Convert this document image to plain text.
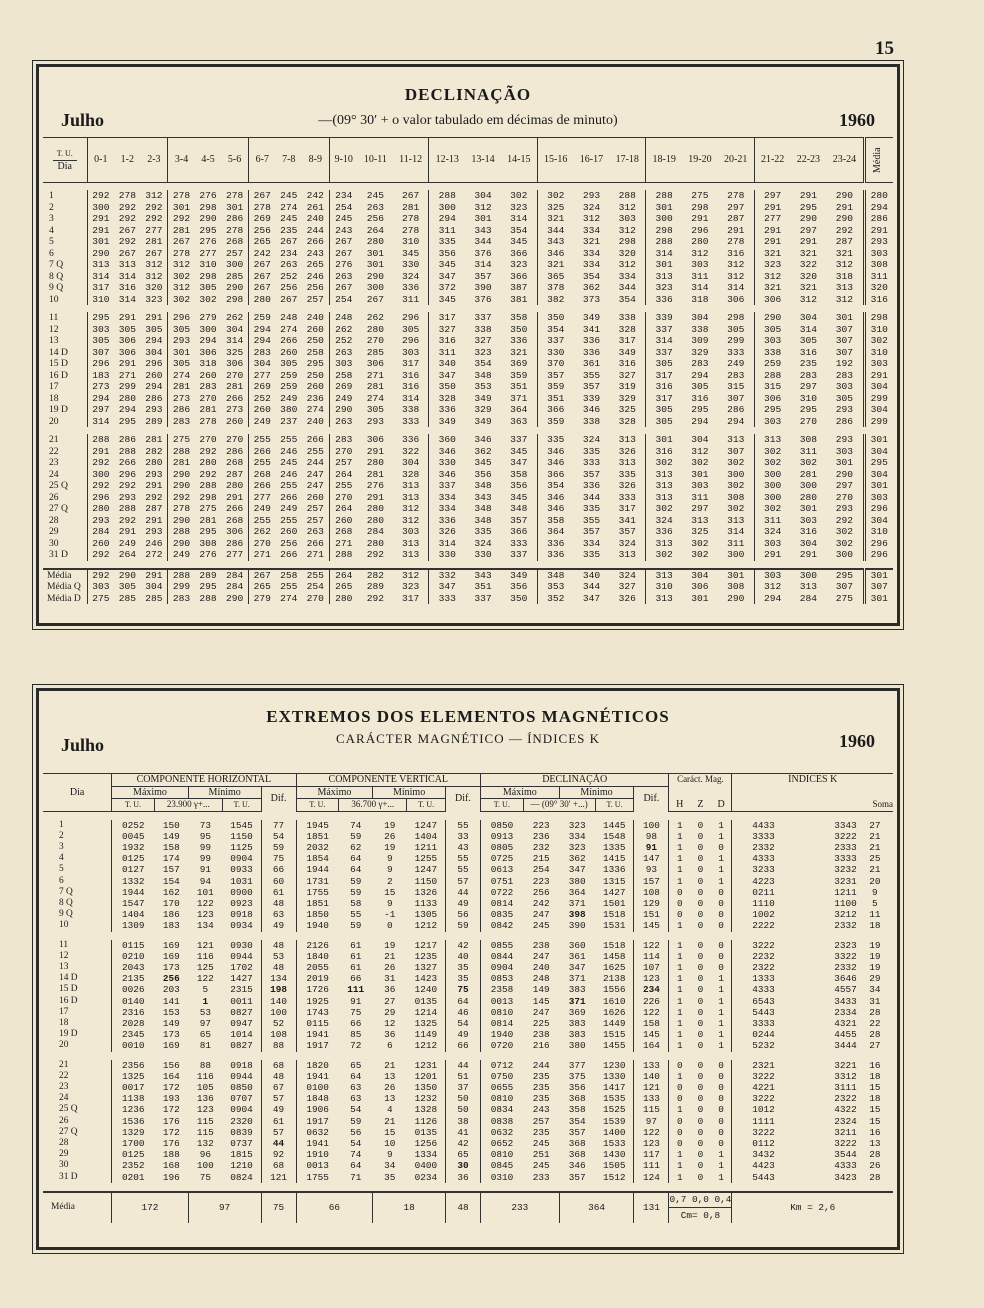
15
DECLINAÇÃO
Julho	—(09° 30′ + o valor tabulado em décimas de minuto)	1960
T. U.
Dia	0-1	1-2	2-3	3-4	4-5	5-6	6-7	7-8	8-9	9-10	10-11	11-12	12-13	13-14	14-15	15-16	16-17	17-18	18-19	19-20	20-21	21-22	22-23	23-24	Média

1	292	278	312	278	276	278	267	245	242	234	245	267	288	304	302	302	293	288	288	275	278	297	291	290	280
2	300	292	292	301	298	301	278	274	261	254	263	281	300	312	323	325	324	312	301	298	297	291	295	291	294
3	291	292	292	292	290	286	269	245	240	245	256	278	294	301	314	321	312	303	300	291	287	277	290	290	286
4	291	267	277	281	295	278	256	235	244	243	264	278	311	343	354	344	334	312	298	296	291	291	297	292	291
5	301	292	281	267	276	268	265	267	266	267	280	310	335	344	345	343	321	298	288	280	278	291	291	287	293
6	290	267	267	278	277	257	242	234	243	267	301	345	356	376	366	346	334	320	314	312	316	321	321	321	303
7 Q	313	313	312	312	310	300	267	263	265	276	301	330	345	314	323	321	334	312	301	303	312	323	322	312	308
8 Q	314	314	312	302	298	285	267	252	246	263	290	324	347	357	366	365	354	334	313	311	312	312	320	318	311
9 Q	317	316	320	312	305	290	267	256	256	267	300	336	372	390	387	378	362	344	323	314	314	321	321	313	320
10	310	314	323	302	302	298	280	267	257	254	267	311	345	376	381	382	373	354	336	318	306	306	312	312	316

11	295	291	291	296	279	262	259	248	240	248	262	296	317	337	358	350	349	338	339	304	298	290	304	301	298
12	303	305	305	305	300	304	294	274	260	262	280	305	327	338	350	354	341	328	337	338	305	305	314	307	310
13	305	306	294	293	294	314	294	266	250	252	270	296	316	327	336	337	336	317	314	309	299	303	305	307	302
14 D	307	306	304	301	306	325	283	260	258	263	285	303	311	323	321	330	336	349	337	329	333	338	316	307	310
15 D	296	291	296	305	318	306	304	305	295	303	306	317	340	354	369	370	361	316	305	283	249	259	235	192	303
16 D	183	271	260	274	260	270	277	259	250	258	271	316	347	348	359	357	355	327	317	294	283	288	283	283	291
17	273	299	294	281	283	281	269	259	260	269	281	316	350	353	351	359	357	319	316	305	315	315	297	303	304
18	294	280	286	273	270	266	252	249	236	249	274	314	328	349	371	351	339	329	317	316	307	306	310	305	299
19 D	297	294	293	286	281	273	260	380	274	290	305	338	336	329	364	366	346	325	305	295	286	295	295	293	304
20	314	295	289	283	278	260	249	237	240	263	293	333	349	349	363	359	338	328	305	294	294	303	270	286	299

21	288	286	281	275	270	270	255	255	266	283	306	336	360	346	337	335	324	313	301	304	313	313	308	293	301
22	291	288	282	288	292	286	266	246	255	270	291	322	346	362	345	346	335	326	316	312	307	302	311	303	304
23	292	266	280	281	280	268	255	245	244	257	280	304	330	345	347	346	333	313	302	302	302	302	302	301	295
24	300	296	293	290	292	287	268	246	247	264	281	328	346	356	358	366	357	335	313	301	300	300	281	290	304
25 Q	292	292	291	290	288	280	266	255	247	255	276	313	337	348	356	354	336	326	313	303	302	300	300	297	301
26	296	293	292	292	298	291	277	266	260	270	291	313	334	343	345	346	344	333	313	311	308	300	280	270	303
27 Q	280	288	287	278	275	266	249	249	257	264	280	312	334	348	348	346	335	317	302	297	302	302	301	293	296
28	293	292	291	290	281	268	255	255	257	260	280	312	336	348	357	358	355	341	324	313	313	311	303	292	304
29	284	291	293	288	295	306	262	260	263	268	284	303	326	335	366	364	357	357	336	325	314	324	316	302	310
30	260	249	246	290	308	286	270	256	266	271	280	313	314	324	333	336	334	324	313	302	311	303	304	302	296
31 D	292	264	272	249	276	277	271	266	271	288	292	313	330	330	337	336	335	313	302	302	300	291	291	300	296

Média	292	290	291	288	289	284	267	258	255	264	282	312	332	343	349	348	340	324	313	304	301	303	300	295	301
Média Q	303	305	304	299	295	284	265	255	254	265	289	323	347	351	356	353	344	327	310	306	308	312	313	307	307
Média D	275	285	285	283	288	290	279	274	270	280	292	317	333	337	350	352	347	326	313	301	290	294	284	275	301
EXTREMOS DOS ELEMENTOS MAGNÉTICOS
CARÁCTER MAGNÉTICO — ÍNDICES K
Julho	1960
Dia	COMPONENTE HORIZONTAL					COMPONENTE VERTICAL					DECLINAÇÃO					Caráct. Mag.			ÍNDICES K		
	Máximo		Mínimo		Dif.	Máximo		Mínimo		Dif.	Máximo		Mínimo		Dif.						
	T. U.	23.900 γ+...		T. U.		T. U.	36.700 γ+...		T. U.		T. U.	— (09° 30′ +...)		T. U.		H	Z	D			Soma

1	0252	150	73	1545	77	1945	74	19	1247	55	0850	223	323	1445	100	1	0	1	4433	3343	27
2	0045	149	95	1150	54	1851	59	26	1404	33	0913	236	334	1548	98	1	0	1	3333	3222	21
3	1932	158	99	1125	59	2032	62	19	1211	43	0805	232	323	1335	91	1	0	0	2332	2333	21
4	0125	174	99	0904	75	1854	64	9	1255	55	0725	215	362	1415	147	1	0	1	4333	3333	25
5	0127	157	91	0933	66	1944	64	9	1247	55	0613	254	347	1336	93	1	0	1	3233	3232	21
6	1332	154	94	1031	60	1731	59	2	1150	57	0751	223	380	1315	157	1	0	1	4223	3231	20
7 Q	1944	162	101	0900	61	1755	59	15	1326	44	0722	256	364	1427	108	0	0	0	0211	1211	9
8 Q	1547	170	122	0923	48	1851	58	9	1133	49	0814	242	371	1501	129	0	0	0	1110	1100	5
9 Q	1404	186	123	0918	63	1850	55	-1	1305	56	0835	247	398	1518	151	0	0	0	1002	3212	11
10	1309	183	134	0934	49	1940	59	0	1212	59	0842	245	390	1531	145	1	0	0	2222	2332	18

11	0115	169	121	0930	48	2126	61	19	1217	42	0855	238	360	1518	122	1	0	0	3222	2323	19
12	0210	169	116	0944	53	1840	61	21	1235	40	0844	247	361	1458	114	1	0	0	2232	3322	19
13	2043	173	125	1702	48	2055	61	26	1327	35	0904	240	347	1625	107	1	0	0	2322	2332	19
14 D	2135	256	122	1427	134	2019	66	31	1423	35	0853	248	371	2138	123	1	0	1	1333	3646	29
15 D	0026	203	5	2315	198	1726	111	36	1240	75	2358	149	383	1556	234	1	0	1	4333	4557	34
16 D	0140	141	1	0011	140	1925	91	27	0135	64	0013	145	371	1610	226	1	0	1	6543	3433	31
17	2316	153	53	0827	100	1743	75	29	1214	46	0810	247	369	1626	122	1	0	1	5443	2334	28
18	2028	149	97	0947	52	0115	66	12	1325	54	0814	225	383	1449	158	1	0	1	3333	4321	22
19 D	2345	173	65	1014	108	1941	85	36	1149	49	1940	238	383	1515	145	1	0	1	0244	4455	28
20	0010	169	81	0827	88	1917	72	6	1212	66	0720	216	380	1455	164	1	0	1	5232	3444	27

21	2356	156	88	0918	68	1820	65	21	1231	44	0712	244	377	1230	133	0	0	0	2321	3221	16
22	1325	164	116	0944	48	1941	64	13	1201	51	0750	235	375	1330	140	1	0	0	3222	3312	18
23	0017	172	105	0850	67	0100	63	26	1350	37	0655	235	356	1417	121	0	0	0	4221	3111	15
24	1138	193	136	0707	57	1848	63	13	1232	50	0810	235	368	1535	133	0	0	0	3222	2322	18
25 Q	1236	172	123	0904	49	1906	54	4	1328	50	0834	243	358	1525	115	1	0	0	1012	4322	15
26	1536	176	115	2320	61	1917	59	21	1126	38	0838	257	354	1539	97	0	0	0	1111	2324	15
27 Q	1329	172	115	0839	57	0632	56	15	0135	41	0632	235	357	1400	122	0	0	0	3222	3211	16
28	1700	176	132	0737	44	1941	54	10	1256	42	0652	245	368	1533	123	0	0	0	0112	3222	13
29	0125	188	96	1815	92	1910	74	9	1334	65	0810	251	368	1430	117	1	0	1	3432	3544	28
30	2352	168	100	1210	68	0013	64	34	0400	30	0845	245	346	1505	111	1	0	1	4423	4333	26
31 D	0201	196	75	0824	121	1755	71	35	0234	36	0310	233	357	1512	124	1	0	1	5443	3423	28

Média	172		97		75	66		18		48	233		364		131	0,7 0,0 0,4
Cm= 0,8			Km = 2,6		
